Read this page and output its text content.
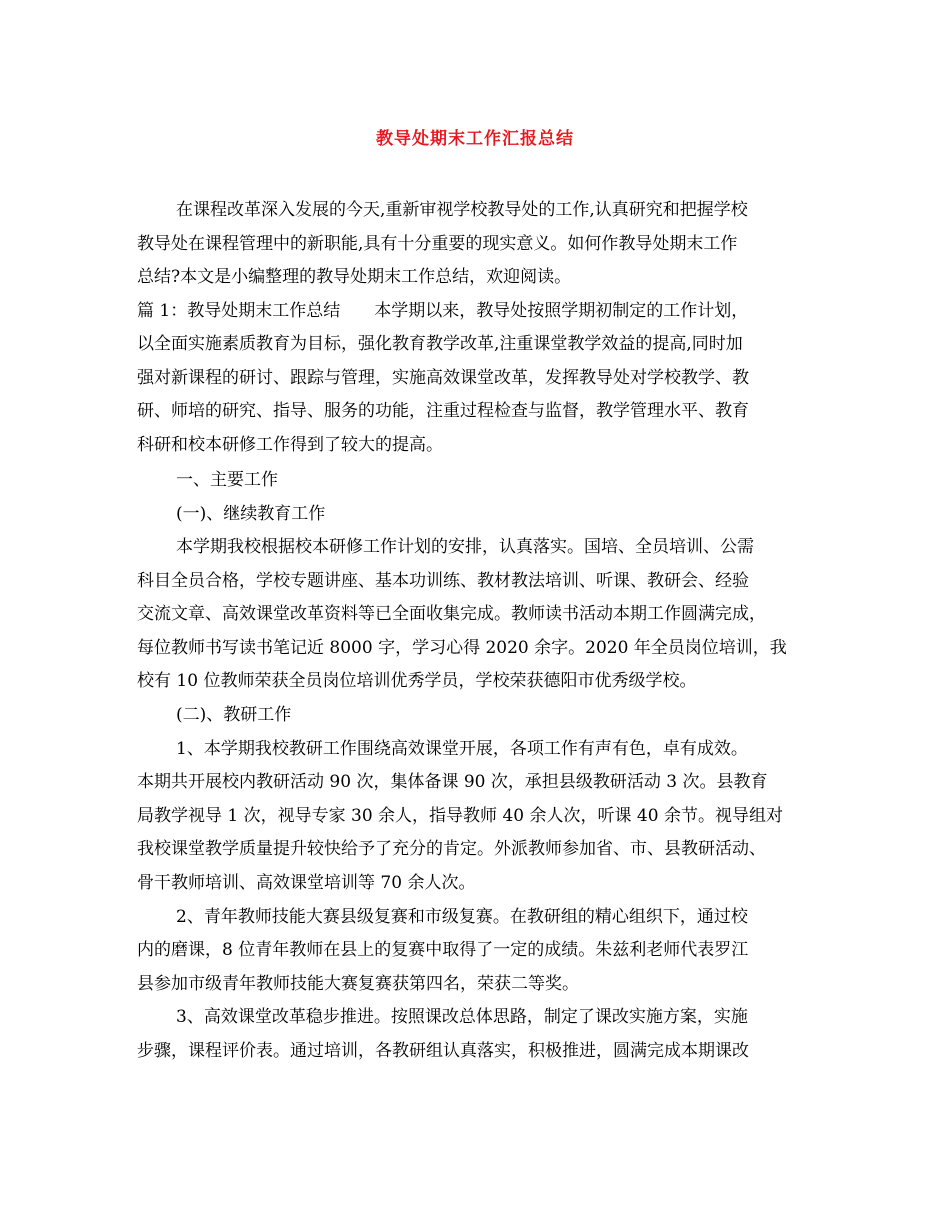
教导处期末工作汇报总结
在课程改革深入发展的今天,重新审视学校教导处的工作,认真研究和把握学校
教导处在课程管理中的新职能,具有十分重要的现实意义。如何作教导处期末工作
总结?本文是小编整理的教导处期末工作总结，欢迎阅读。
篇 1：教导处期末工作总结　　本学期以来，教导处按照学期初制定的工作计划，
以全面实施素质教育为目标，强化教育教学改革,注重课堂教学效益的提高,同时加
强对新课程的研讨、跟踪与管理，实施高效课堂改革，发挥教导处对学校教学、教
研、师培的研究、指导、服务的功能，注重过程检查与监督，教学管理水平、教育
科研和校本研修工作得到了较大的提高。
一、主要工作
(一)、继续教育工作
本学期我校根据校本研修工作计划的安排，认真落实。国培、全员培训、公需
科目全员合格，学校专题讲座、基本功训练、教材教法培训、听课、教研会、经验
交流文章、高效课堂改革资料等已全面收集完成。教师读书活动本期工作圆满完成，
每位教师书写读书笔记近 8000 字，学习心得 2020 余字。2020 年全员岗位培训，我
校有 10 位教师荣获全员岗位培训优秀学员，学校荣获德阳市优秀级学校。
(二)、教研工作
1、本学期我校教研工作围绕高效课堂开展，各项工作有声有色，卓有成效。
本期共开展校内教研活动 90 次，集体备课 90 次，承担县级教研活动 3 次。县教育
局教学视导 1 次，视导专家 30 余人，指导教师 40 余人次，听课 40 余节。视导组对
我校课堂教学质量提升较快给予了充分的肯定。外派教师参加省、市、县教研活动、
骨干教师培训、高效课堂培训等 70 余人次。
2、青年教师技能大赛县级复赛和市级复赛。在教研组的精心组织下，通过校
内的磨课，8 位青年教师在县上的复赛中取得了一定的成绩。朱兹利老师代表罗江
县参加市级青年教师技能大赛复赛获第四名，荣获二等奖。
3、高效课堂改革稳步推进。按照课改总体思路，制定了课改实施方案，实施
步骤，课程评价表。通过培训，各教研组认真落实，积极推进，圆满完成本期课改
